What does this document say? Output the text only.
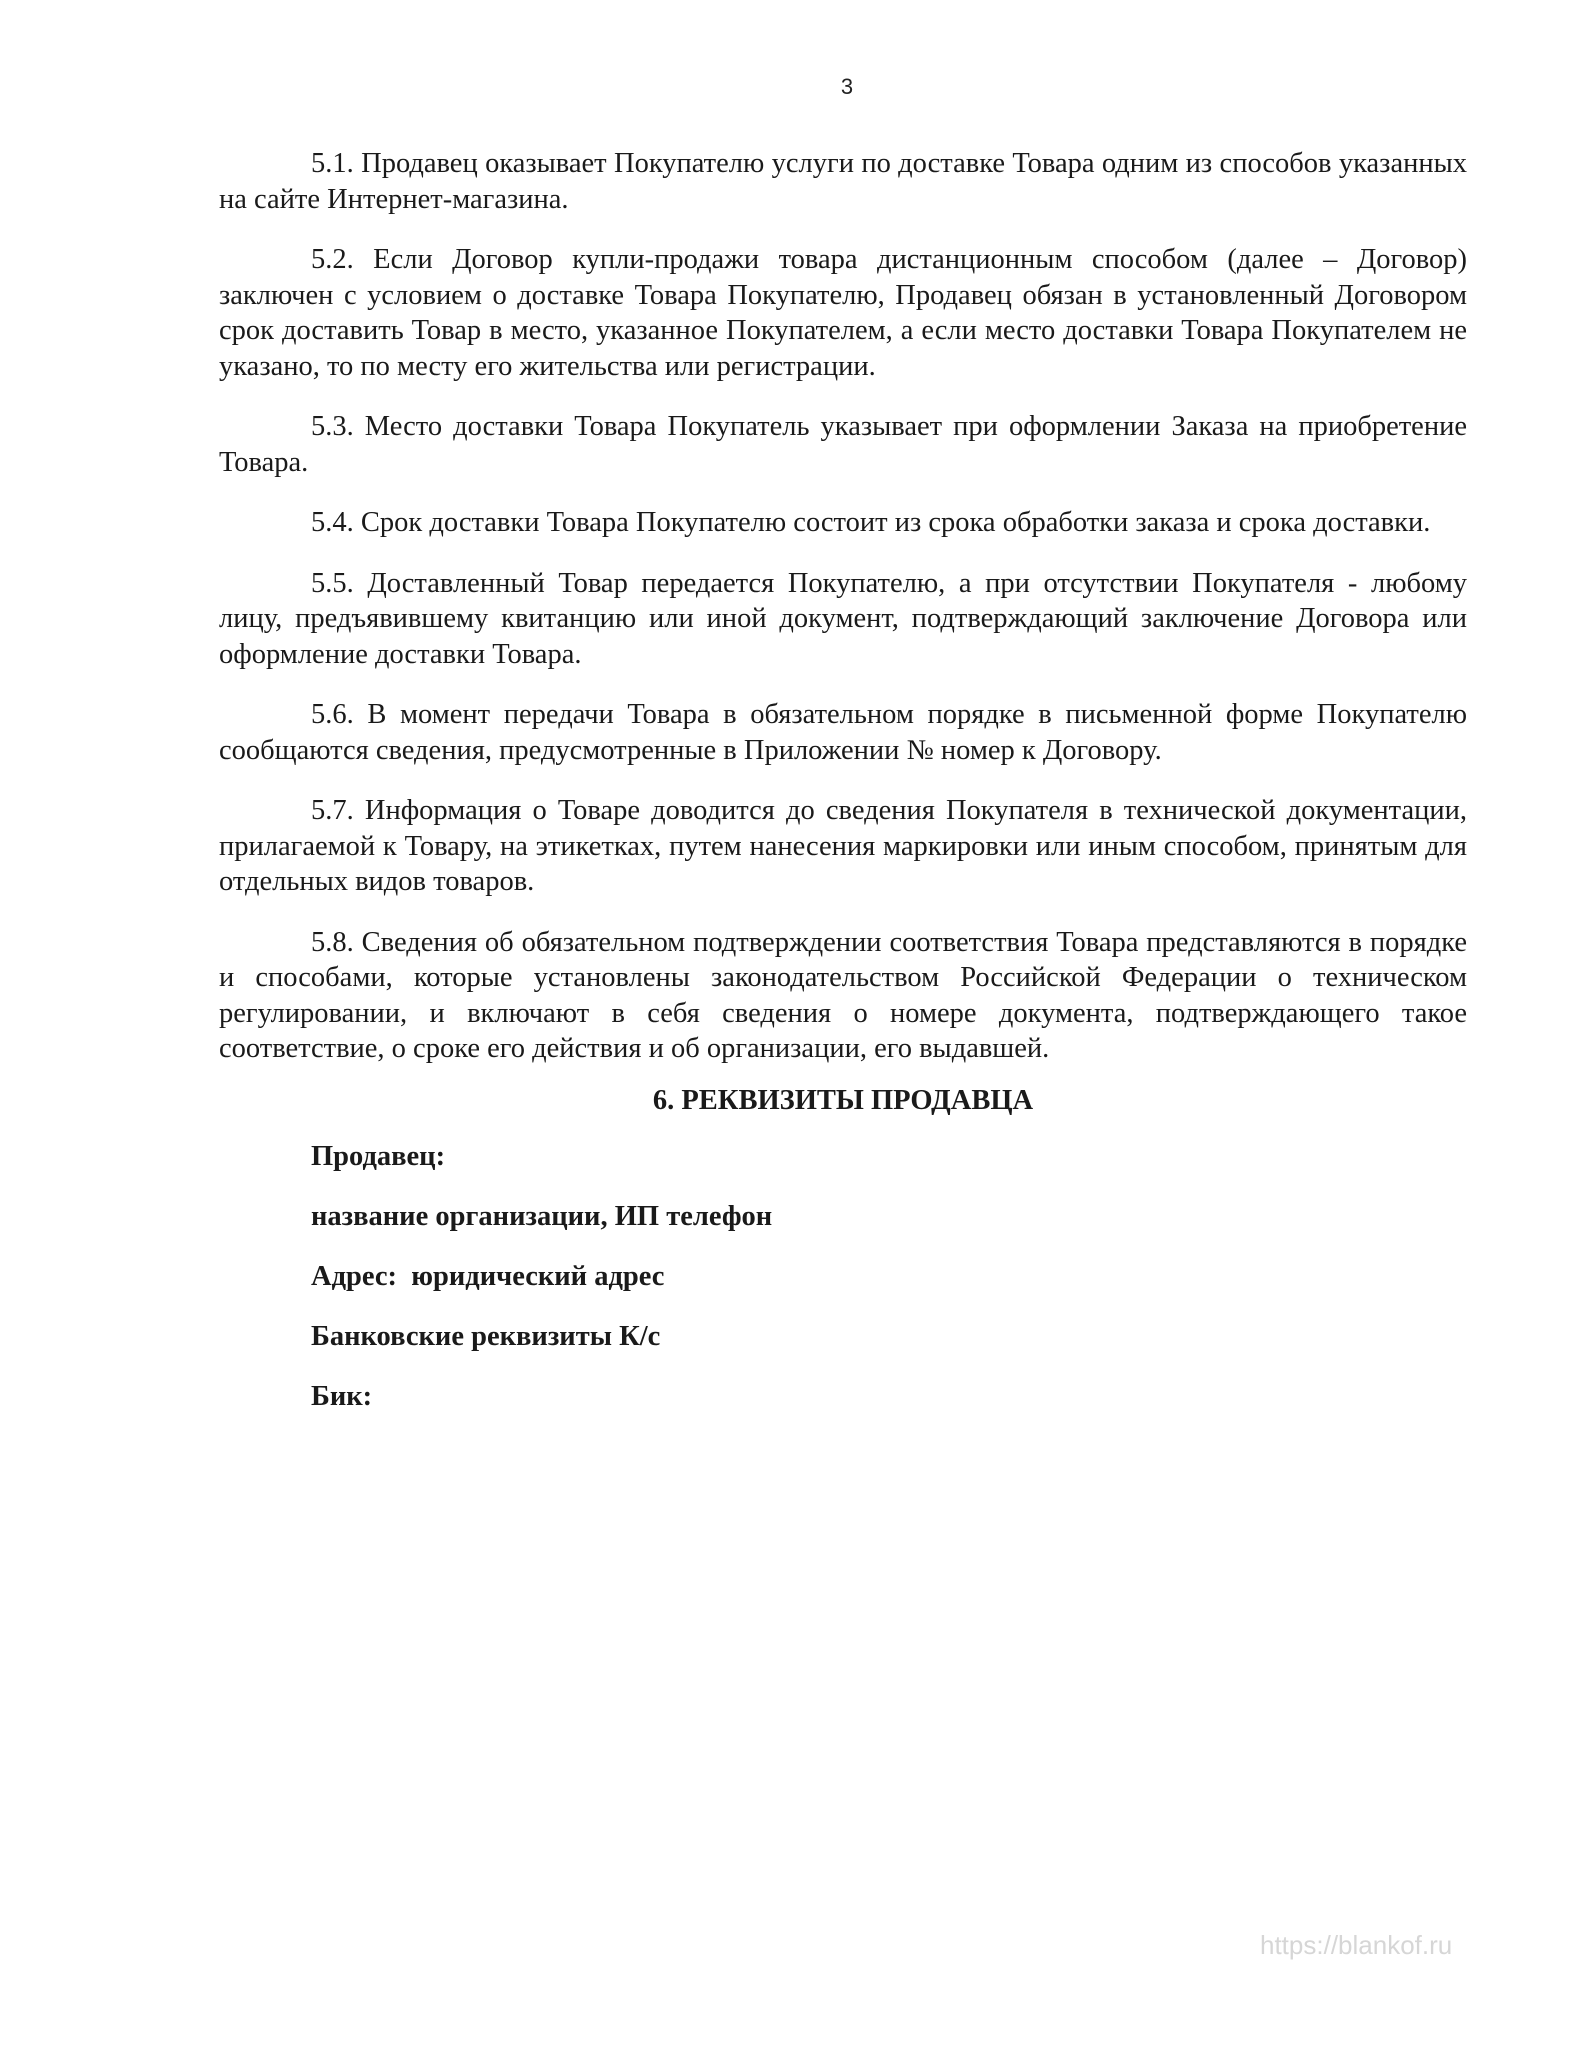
3

5.1. Продавец оказывает Покупателю услуги по доставке Товара одним из способов указанных на сайте Интернет-магазина.

5.2. Если Договор купли-продажи товара дистанционным способом (далее – Договор) заключен с условием о доставке Товара Покупателю, Продавец обязан в установленный Договором срок доставить Товар в место, указанное Покупателем, а если место доставки Товара Покупателем не указано, то по месту его жительства или регистрации.

5.3. Место доставки Товара Покупатель указывает при оформлении Заказа на приобретение Товара.

5.4. Срок доставки Товара Покупателю состоит из срока обработки заказа и срока доставки.

5.5. Доставленный Товар передается Покупателю, а при отсутствии Покупателя - любому лицу, предъявившему квитанцию или иной документ, подтверждающий заключение Договора или оформление доставки Товара.

5.6. В момент передачи Товара в обязательном порядке в письменной форме Покупателю сообщаются сведения, предусмотренные в Приложении № номер к Договору.

5.7. Информация о Товаре доводится до сведения Покупателя в технической документации, прилагаемой к Товару, на этикетках, путем нанесения маркировки или иным способом, принятым для отдельных видов товаров.

5.8. Сведения об обязательном подтверждении соответствия Товара представляются в порядке и способами, которые установлены законодательством Российской Федерации о техническом регулировании, и включают в себя сведения о номере документа, подтверждающего такое соответствие, о сроке его действия и об организации, его выдавшей.

6. РЕКВИЗИТЫ ПРОДАВЦА
Продавец:
название организации, ИП телефон
Адрес:  юридический адрес
Банковские реквизиты К/с
Бик:
https://blankof.ru
